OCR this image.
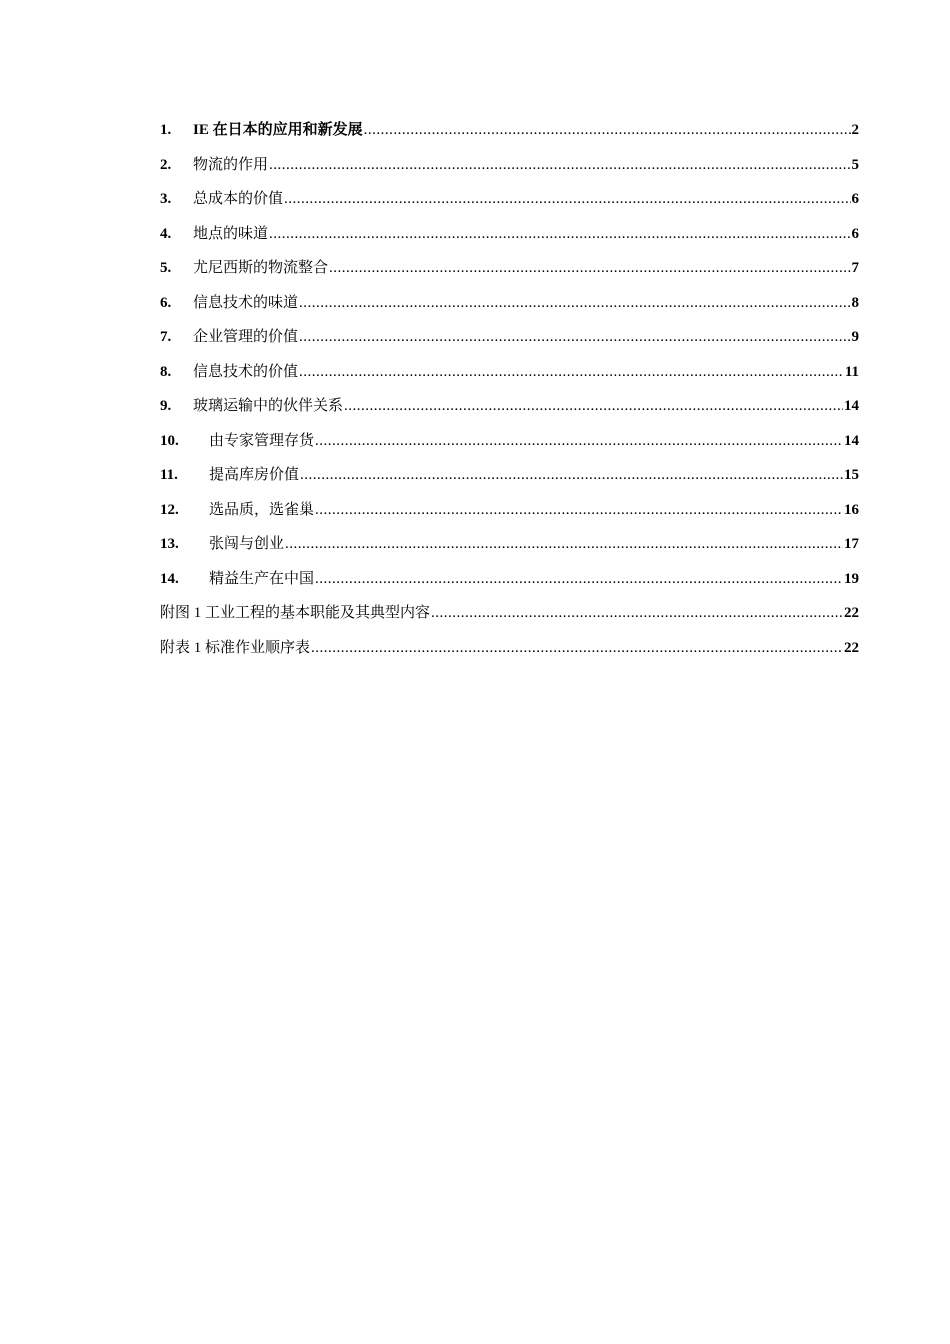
1.	IE 在日本的应用和新发展 .....	2
2.	物流的作用 .....	5
3.	总成本的价值 .....	6
4.	地点的味道 .....	6
5.	尤尼西斯的物流整合 .....	7
6.	信息技术的味道 .....	8
7.	企业管理的价值 .....	9
8.	信息技术的价值 .....	11
9.	玻璃运输中的伙伴关系 .....	14
10.	由专家管理存货 .....	14
11.	提高库房价值 .....	15
12.	选品质，选雀巢 .....	16
13.	张闯与创业 .....	17
14.	精益生产在中国 .....	19
附图 1 工业工程的基本职能及其典型内容 .....	22
附表 1 标准作业顺序表 .....	22
